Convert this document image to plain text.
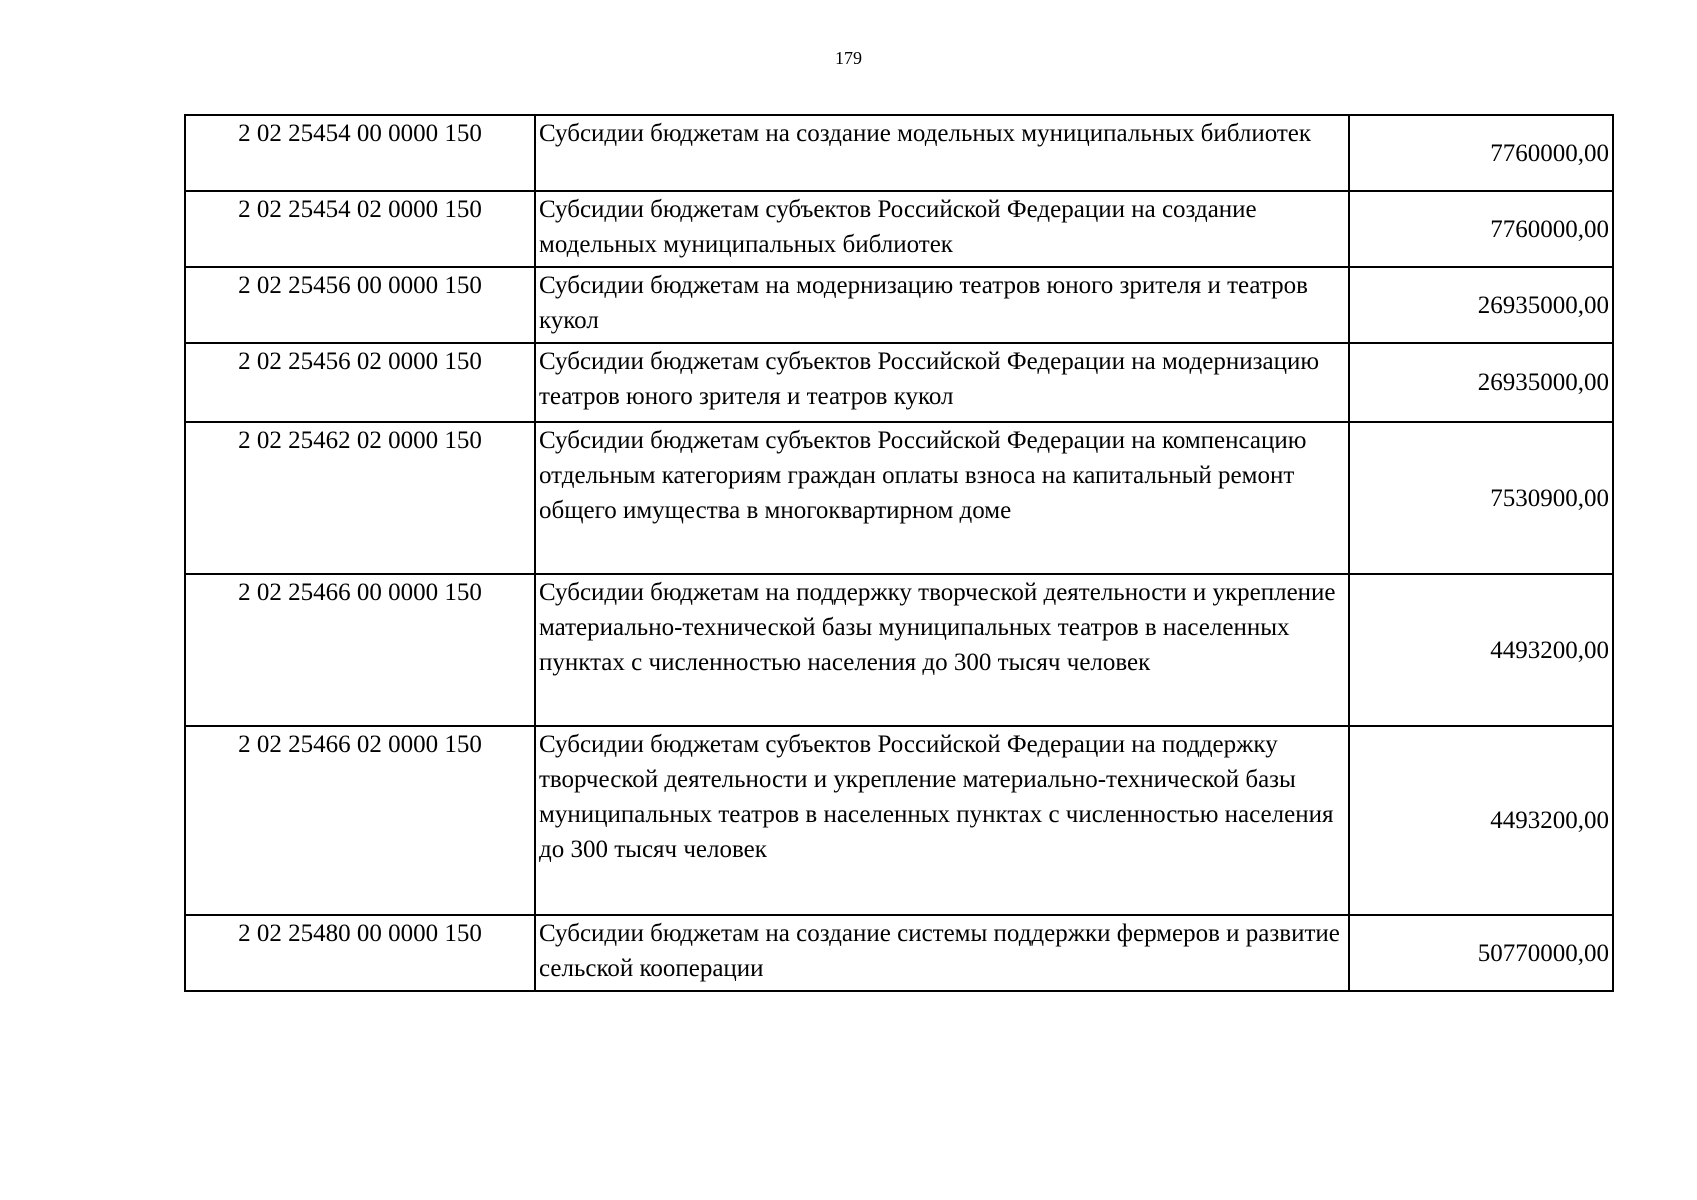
179
2 02 25454 00 0000 150	Субсидии бюджетам на создание модельных муниципальных библиотек	7760000,00
2 02 25454 02 0000 150	Субсидии бюджетам субъектов Российской Федерации на создание модельных муниципальных библиотек	7760000,00
2 02 25456 00 0000 150	Субсидии бюджетам на модернизацию театров юного зрителя и театров кукол	26935000,00
2 02 25456 02 0000 150	Субсидии бюджетам субъектов Российской Федерации на модернизацию театров юного зрителя и театров кукол	26935000,00
2 02 25462 02 0000 150	Субсидии бюджетам субъектов Российской Федерации на компенсацию отдельным категориям граждан оплаты взноса на капитальный ремонт общего имущества в многоквартирном доме	7530900,00
2 02 25466 00 0000 150	Субсидии бюджетам на поддержку творческой деятельности и укрепление материально-технической базы муниципальных театров в населенных пунктах с численностью населения до 300 тысяч человек	4493200,00
2 02 25466 02 0000 150	Субсидии бюджетам субъектов Российской Федерации на поддержку творческой деятельности и укрепление материально-технической базы муниципальных театров в населенных пунктах с численностью населения до 300 тысяч человек	4493200,00
2 02 25480 00 0000 150	Субсидии бюджетам на создание системы поддержки фермеров и развитие сельской кооперации	50770000,00
